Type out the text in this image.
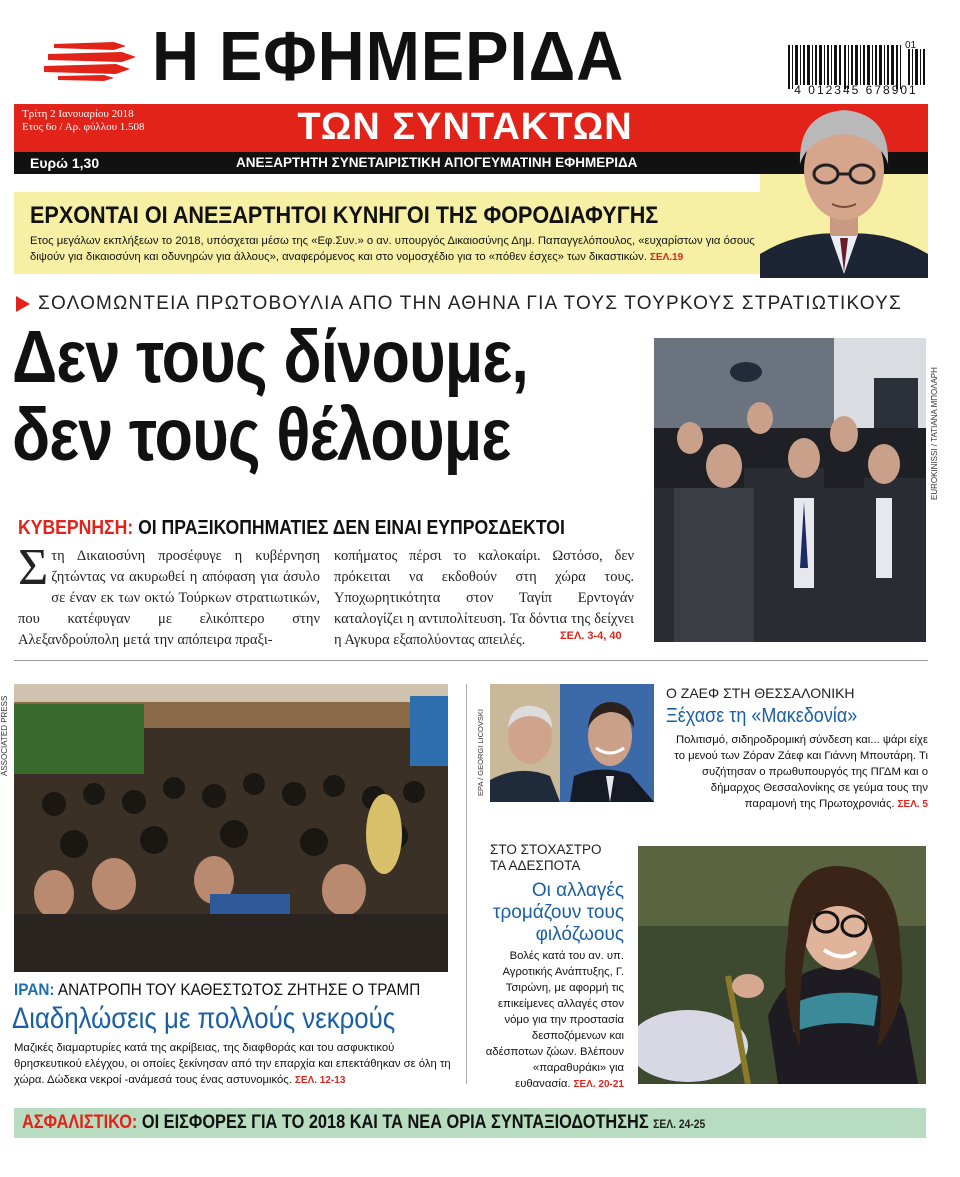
Η ΕΦΗΜΕΡΙΔΑ	01
4 012345 678901
Τρίτη 2 Ιανουαρίου 2018
Ετος 6ο / Αρ. φύλλου 1.508	ΤΩΝ ΣΥΝΤΑΚΤΩΝ
Ευρώ 1,30	ΑΝΕΞΑΡΤΗΤΗ ΣΥΝΕΤΑΙΡΙΣΤΙΚΗ ΑΠΟΓΕΥΜΑΤΙΝΗ ΕΦΗΜΕΡΙΔΑ
ΕΡΧΟΝΤΑΙ ΟΙ ΑΝΕΞΑΡΤΗΤΟΙ ΚΥΝΗΓΟΙ ΤΗΣ ΦΟΡΟΔΙΑΦΥΓΗΣ
Ετος μεγάλων εκπλήξεων το 2018, υπόσχεται μέσω της «Εφ.Συν.» ο αν. υπουργός Δικαιοσύνης Δημ. Παπαγγελόπουλος, «ευχαρίστων για όσους διψούν για δικαιοσύνη και οδυνηρών για άλλους», αναφερόμενος και στο νομοσχέδιο για το «πόθεν έσχες» των δικαστικών. ΣΕΛ.19
ΣΟΛΟΜΩΝΤΕΙΑ ΠΡΩΤΟΒΟΥΛΙΑ ΑΠΟ ΤΗΝ ΑΘΗΝΑ ΓΙΑ ΤΟΥΣ ΤΟΥΡΚΟΥΣ ΣΤΡΑΤΙΩΤΙΚΟΥΣ
Δεν τους δίνουμε,
δεν τους θέλουμε
ΚΥΒΕΡΝΗΣΗ: ΟΙ ΠΡΑΞΙΚΟΠΗΜΑΤΙΕΣ ΔΕΝ ΕΙΝΑΙ ΕΥΠΡΟΣΔΕΚΤΟΙ
Στη Δικαιοσύνη προσέφυγε η κυβέρνηση ζητώντας να ακυρωθεί η απόφαση για άσυλο σε έναν εκ των οκτώ Τούρκων στρατιωτικών, που κατέφυγαν με ελικόπτερο στην Αλεξανδρούπολη μετά την απόπειρα πραξι-
κοπήματος πέρσι το καλοκαίρι. Ωστόσο, δεν πρόκειται να εκδοθούν στη χώρα τους. Υποχωρητικότητα στον Ταγίπ Ερντογάν καταλογίζει η αντιπολίτευση. Τα δόντια της δείχνει η Αγκυρα εξαπολύοντας απειλές.	ΣΕΛ. 3-4, 40
EUROKINISSI / ΤΑΤΙΑΝΑ ΜΠΟΛΑΡΗ
ASSOCIATED PRESS
ΙΡΑΝ: ΑΝΑΤΡΟΠΗ ΤΟΥ ΚΑΘΕΣΤΩΤΟΣ ΖΗΤΗΣΕ Ο ΤΡΑΜΠ
Διαδηλώσεις με πολλούς νεκρούς
Μαζικές διαμαρτυρίες κατά της ακρίβειας, της διαφθοράς και του ασφυκτικού θρησκευτικού ελέγχου, οι οποίες ξεκίνησαν από την επαρχία και επεκτάθηκαν σε όλη τη χώρα. Δώδεκα νεκροί -ανάμεσά τους ένας αστυνομικός. ΣΕΛ. 12-13
EPA / GEORGI LICOVSKI
Ο ΖΑΕΦ ΣΤΗ ΘΕΣΣΑΛΟΝΙΚΗ
Ξέχασε τη «Μακεδονία»
Πολιτισμό, σιδηροδρομική σύνδεση και... ψάρι είχε το μενού των Ζόραν Ζάεφ και Γιάννη Μπουτάρη. Τι συζήτησαν ο πρωθυπουργός της ΠΓΔΜ και ο δήμαρχος Θεσσαλονίκης σε γεύμα τους την παραμονή της Πρωτοχρονιάς. ΣΕΛ. 5
ΣΤΟ ΣΤΟΧΑΣΤΡΟ
ΤΑ ΑΔΕΣΠΟΤΑ
Οι αλλαγές τρομάζουν τους φιλόζωους
Βολές κατά του αν. υπ. Αγροτικής Ανάπτυξης, Γ. Τσιρώνη, με αφορμή τις επικείμενες αλλαγές στον νόμο για την προστασία δεσποζόμενων και αδέσποτων ζώων. Βλέπουν «παραθυράκι» για ευθανασία. ΣΕΛ. 20-21
ΑΣΦΑΛΙΣΤΙΚΟ: ΟΙ ΕΙΣΦΟΡΕΣ ΓΙΑ ΤΟ 2018 ΚΑΙ ΤΑ ΝΕΑ ΟΡΙΑ ΣΥΝΤΑΞΙΟΔΟΤΗΣΗΣ ΣΕΛ. 24-25
